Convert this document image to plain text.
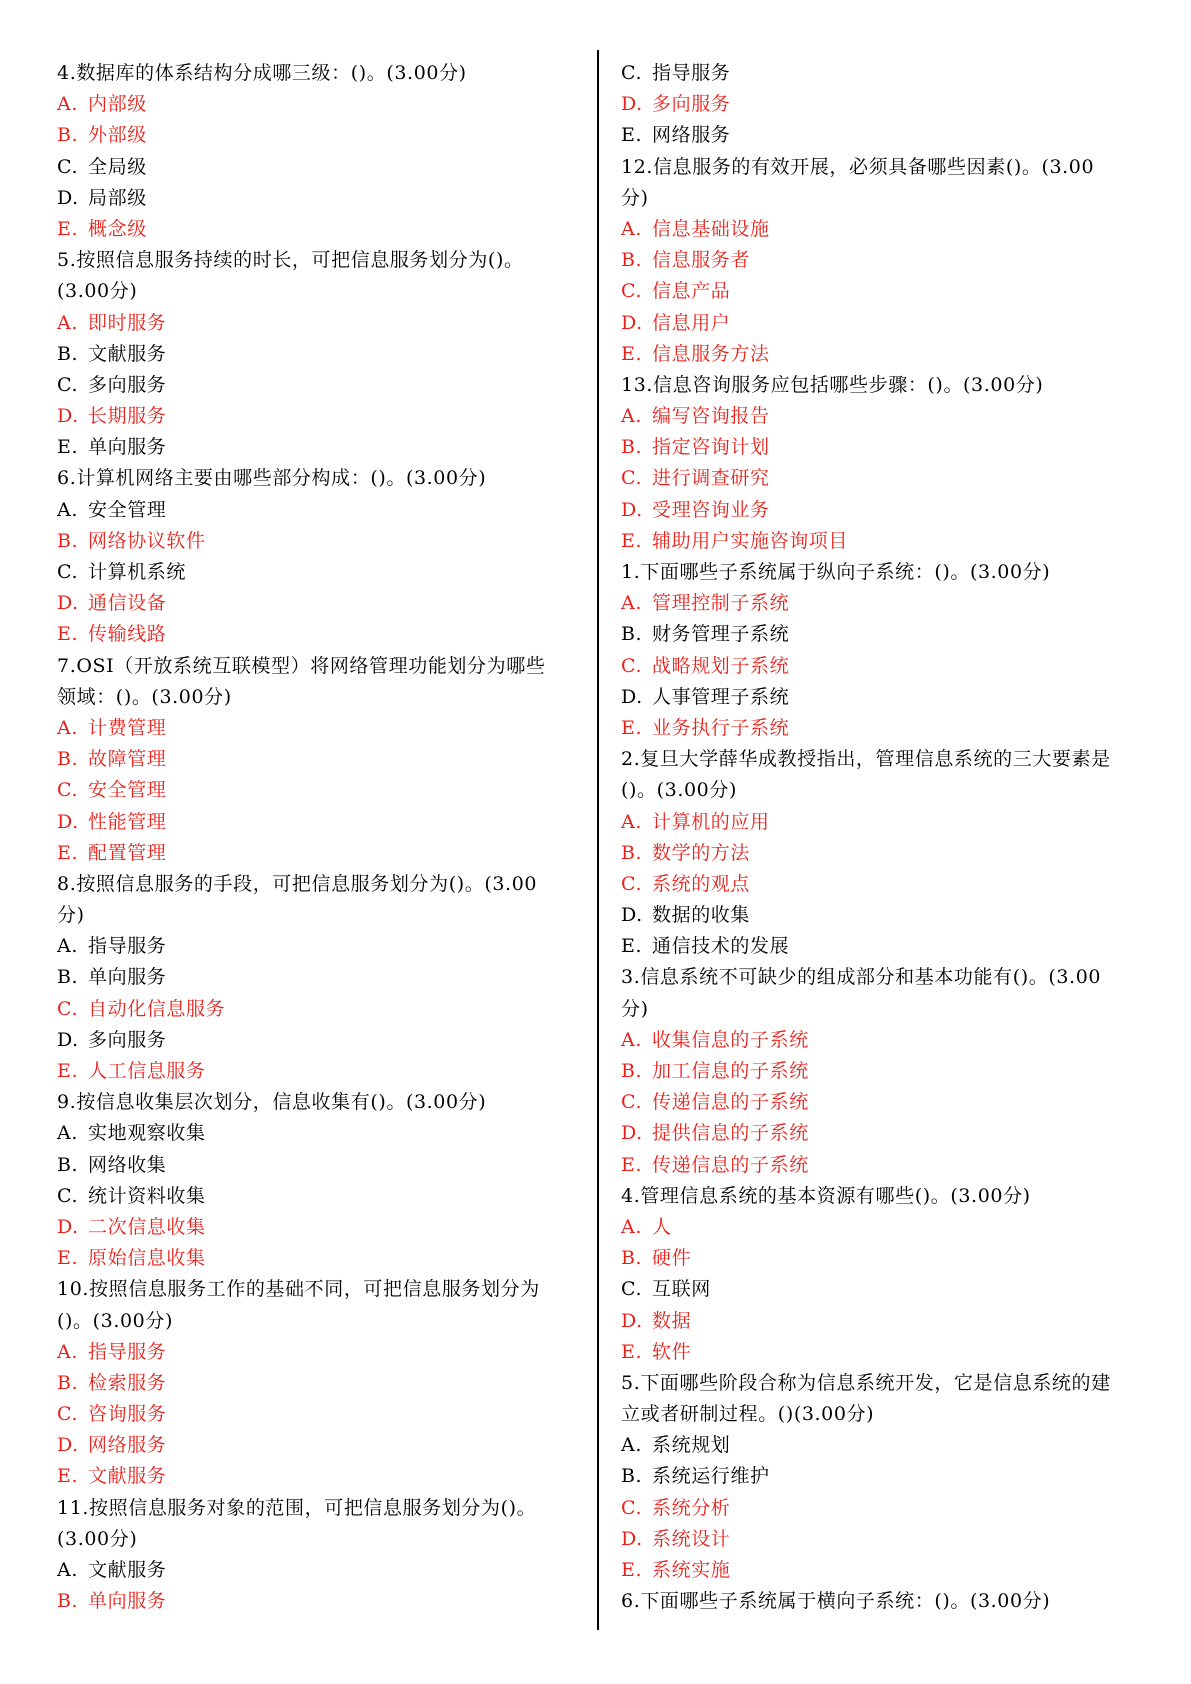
4.数据库的体系结构分成哪三级：()。(3.00分)
A. 内部级
B. 外部级
C. 全局级
D. 局部级
E. 概念级
5.按照信息服务持续的时长，可把信息服务划分为()。
(3.00分)
A. 即时服务
B. 文献服务
C. 多向服务
D. 长期服务
E. 单向服务
6.计算机网络主要由哪些部分构成：()。(3.00分)
A. 安全管理
B. 网络协议软件
C. 计算机系统
D. 通信设备
E. 传输线路
7.OSI（开放系统互联模型）将网络管理功能划分为哪些
领域：()。(3.00分)
A. 计费管理
B. 故障管理
C. 安全管理
D. 性能管理
E. 配置管理
8.按照信息服务的手段，可把信息服务划分为()。(3.00
分)
A. 指导服务
B. 单向服务
C. 自动化信息服务
D. 多向服务
E. 人工信息服务
9.按信息收集层次划分，信息收集有()。(3.00分)
A. 实地观察收集
B. 网络收集
C. 统计资料收集
D. 二次信息收集
E. 原始信息收集
10.按照信息服务工作的基础不同，可把信息服务划分为
()。(3.00分)
A. 指导服务
B. 检索服务
C. 咨询服务
D. 网络服务
E. 文献服务
11.按照信息服务对象的范围，可把信息服务划分为()。
(3.00分)
A. 文献服务
B. 单向服务
C. 指导服务
D. 多向服务
E. 网络服务
12.信息服务的有效开展，必须具备哪些因素()。(3.00
分)
A. 信息基础设施
B. 信息服务者
C. 信息产品
D. 信息用户
E. 信息服务方法
13.信息咨询服务应包括哪些步骤：()。(3.00分)
A. 编写咨询报告
B. 指定咨询计划
C. 进行调查研究
D. 受理咨询业务
E. 辅助用户实施咨询项目
1.下面哪些子系统属于纵向子系统：()。(3.00分)
A. 管理控制子系统
B. 财务管理子系统
C. 战略规划子系统
D. 人事管理子系统
E. 业务执行子系统
2.复旦大学薛华成教授指出，管理信息系统的三大要素是
()。(3.00分)
A. 计算机的应用
B. 数学的方法
C. 系统的观点
D. 数据的收集
E. 通信技术的发展
3.信息系统不可缺少的组成部分和基本功能有()。(3.00
分)
A. 收集信息的子系统
B. 加工信息的子系统
C. 传递信息的子系统
D. 提供信息的子系统
E. 传递信息的子系统
4.管理信息系统的基本资源有哪些()。(3.00分)
A. 人
B. 硬件
C. 互联网
D. 数据
E. 软件
5.下面哪些阶段合称为信息系统开发，它是信息系统的建
立或者研制过程。()(3.00分)
A. 系统规划
B. 系统运行维护
C. 系统分析
D. 系统设计
E. 系统实施
6.下面哪些子系统属于横向子系统：()。(3.00分)
